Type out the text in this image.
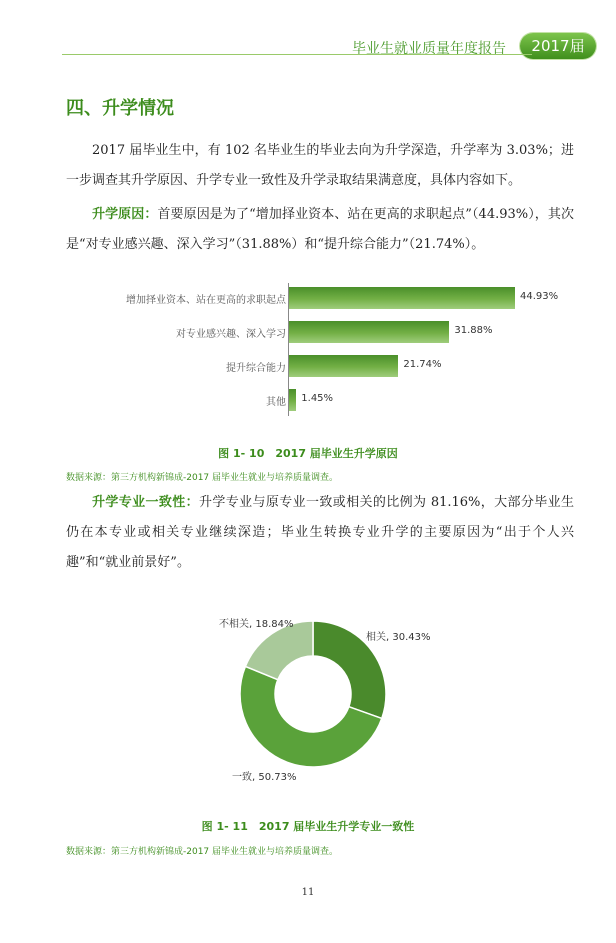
毕业生就业质量年度报告	2017届
四、升学情况
2017 届毕业生中，有 102 名毕业生的毕业去向为升学深造，升学率为 3.03%；进一步调查其升学原因、升学专业一致性及升学录取结果满意度，具体内容如下。
升学原因：首要原因是为了“增加择业资本、站在更高的求职起点”（44.93%），其次是“对专业感兴趣、深入学习”（31.88%）和“提升综合能力”（21.74%）。
增加择业资本、站在更高的求职起点	44.93%
对专业感兴趣、深入学习	31.88%
提升综合能力	21.74%
其他 1.45%
图 1- 10　2017 届毕业生升学原因
数据来源：第三方机构新锦成-2017 届毕业生就业与培养质量调查。
升学专业一致性：升学专业与原专业一致或相关的比例为 81.16%，大部分毕业生仍在本专业或相关专业继续深造；毕业生转换专业升学的主要原因为“出于个人兴趣”和“就业前景好”。
相关, 30.43%
一致, 50.73%
不相关, 18.84%
图 1- 11　2017 届毕业生升学专业一致性
数据来源：第三方机构新锦成-2017 届毕业生就业与培养质量调查。
11
